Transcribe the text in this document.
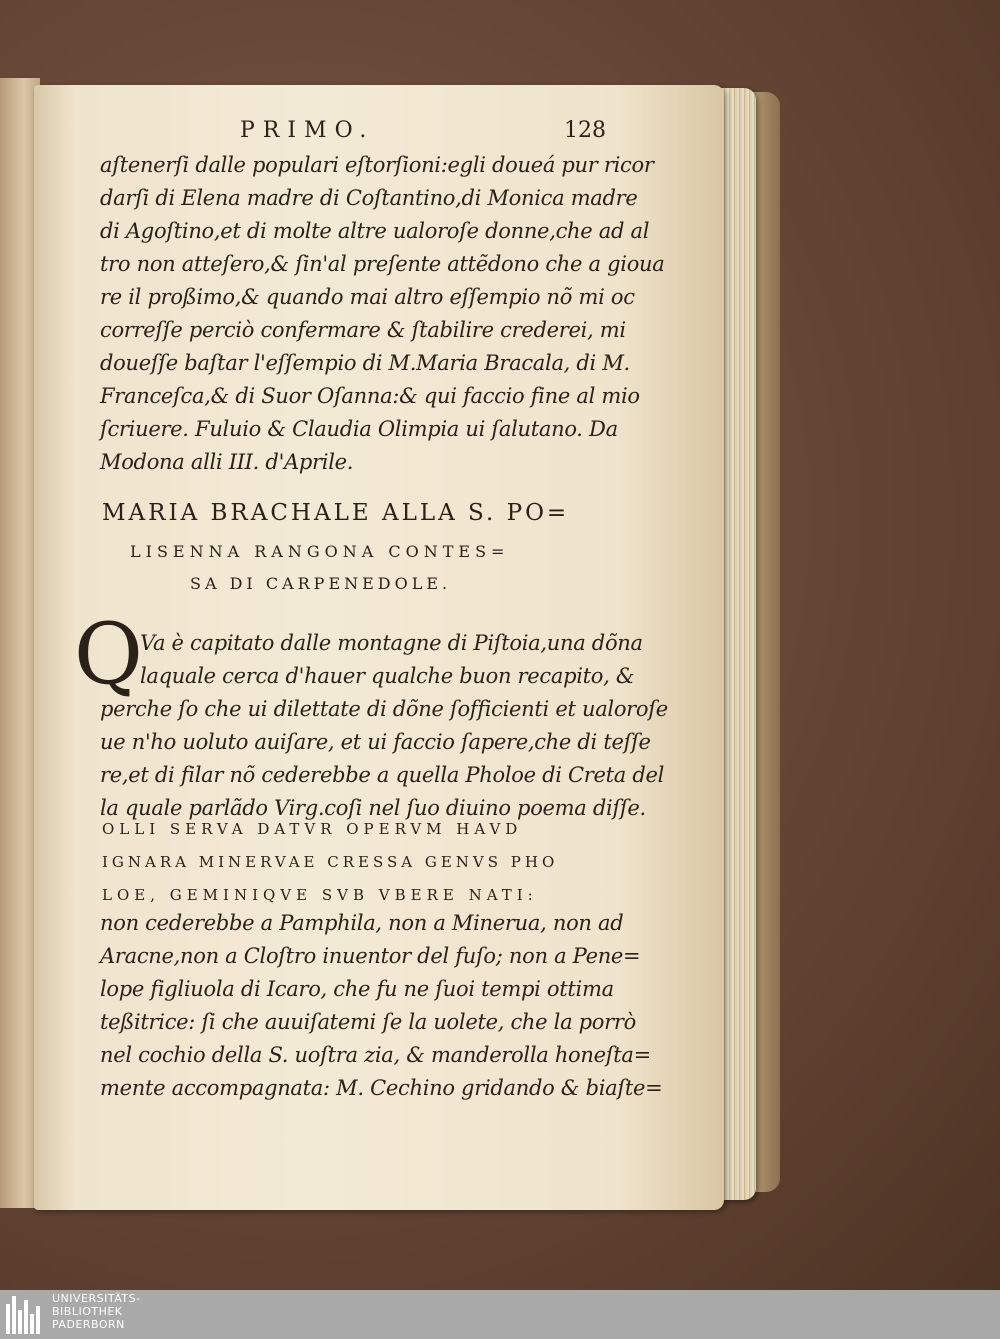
PRIMO.	128
aſtenerſi dalle populari eſtorſioni:egli doueá pur ricor
darſi di Elena madre di Coſtantino,di Monica madre
di Agoſtino,et di molte altre ualoroſe donne,che ad al
tro non atteſero,& ſin'al preſente attẽdono che a gioua
re il proßimo,& quando mai altro eſſempio nõ mi oc
correſſe perciò confermare & ſtabilire crederei, mi
doueſſe baſtar l'eſſempio di M.Maria Bracala, di M.
Franceſca,& di Suor Oſanna:& qui faccio fine al mio
ſcriuere. Fuluio & Claudia Olimpia ui ſalutano. Da
Modona alli III. d'Aprile.
MARIA BRACHALE ALLA S. PO=
LISENNA RANGONA CONTES=
SA DI CARPENEDOLE.
Q
Va è capitato dalle montagne di Piſtoia,una dõna
laquale cerca d'hauer qualche buon recapito, &
perche ſo che ui dilettate di dõne ſofficienti et ualoroſe
ue n'ho uoluto auiſare, et ui faccio ſapere,che di teſſe
re,et di filar nõ cederebbe a quella Pholoe di Creta del
la quale parlãdo Virg.coſi nel ſuo diuino poema diſſe.
OLLI SERVA DATVR OPERVM HAVD
IGNARA MINERVAE CRESSA GENVS PHO
LOE, GEMINIQVE SVB VBERE NATI:
non cederebbe a Pamphila, non a Minerua, non ad
Aracne,non a Cloſtro inuentor del fuſo; non a Pene=
lope figliuola di Icaro, che fu ne ſuoi tempi ottima
teßitrice: ſi che auuiſatemi ſe la uolete, che la porrò
nel cochio della S. uoſtra zia, & manderolla honeſta=
mente accompagnata: M. Cechino gridando & biaſte=
UNIVERSITÄTS-
BIBLIOTHEK
PADERBORN
